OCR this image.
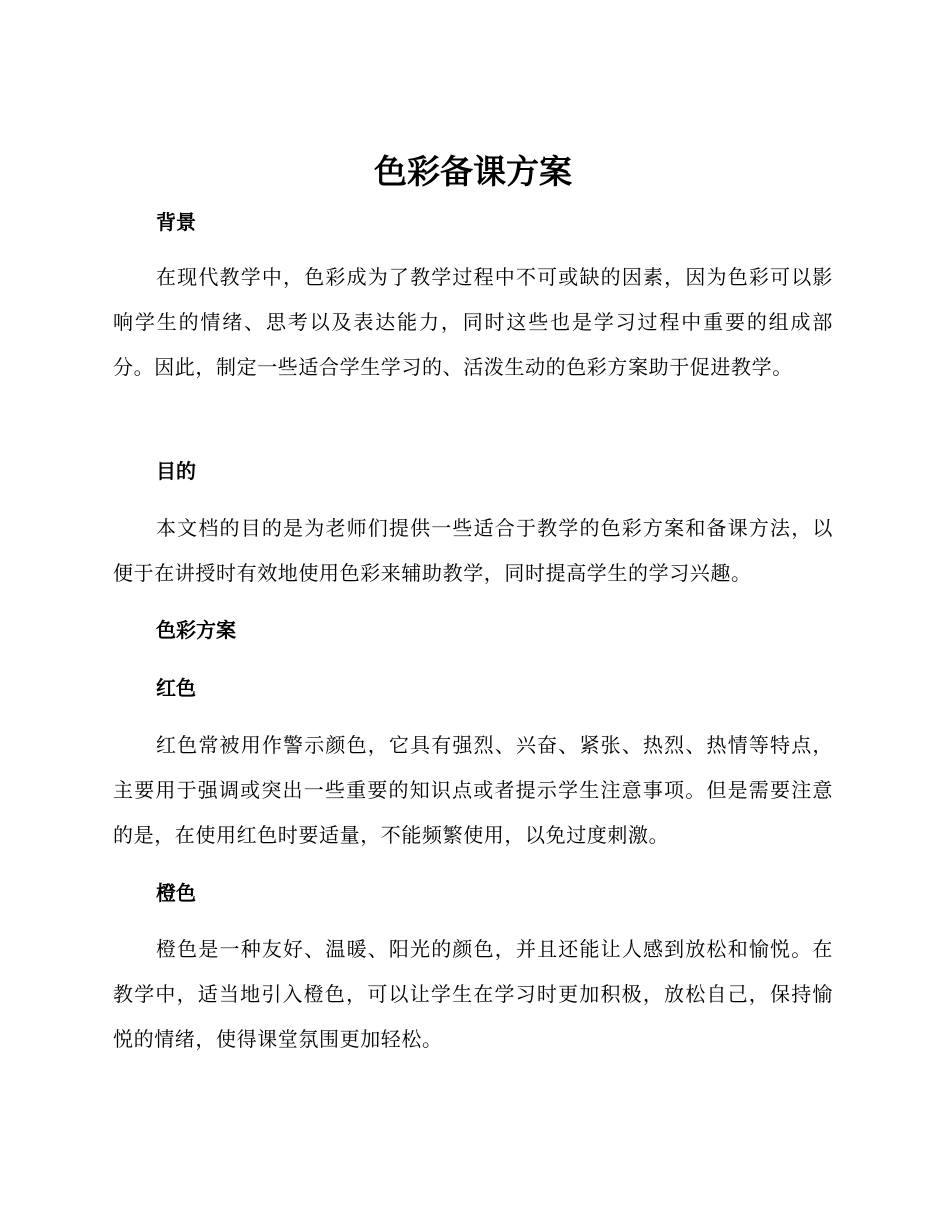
色彩备课方案
背景

在现代教学中，色彩成为了教学过程中不可或缺的因素，因为色彩可以影响学生的情绪、思考以及表达能力，同时这些也是学习过程中重要的组成部分。因此，制定一些适合学生学习的、活泼生动的色彩方案助于促进教学。

目的

本文档的目的是为老师们提供一些适合于教学的色彩方案和备课方法，以便于在讲授时有效地使用色彩来辅助教学，同时提高学生的学习兴趣。

色彩方案
红色

红色常被用作警示颜色，它具有强烈、兴奋、紧张、热烈、热情等特点，主要用于强调或突出一些重要的知识点或者提示学生注意事项。但是需要注意的是，在使用红色时要适量，不能频繁使用，以免过度刺激。

橙色

橙色是一种友好、温暖、阳光的颜色，并且还能让人感到放松和愉悦。在教学中，适当地引入橙色，可以让学生在学习时更加积极，放松自己，保持愉悦的情绪，使得课堂氛围更加轻松。
